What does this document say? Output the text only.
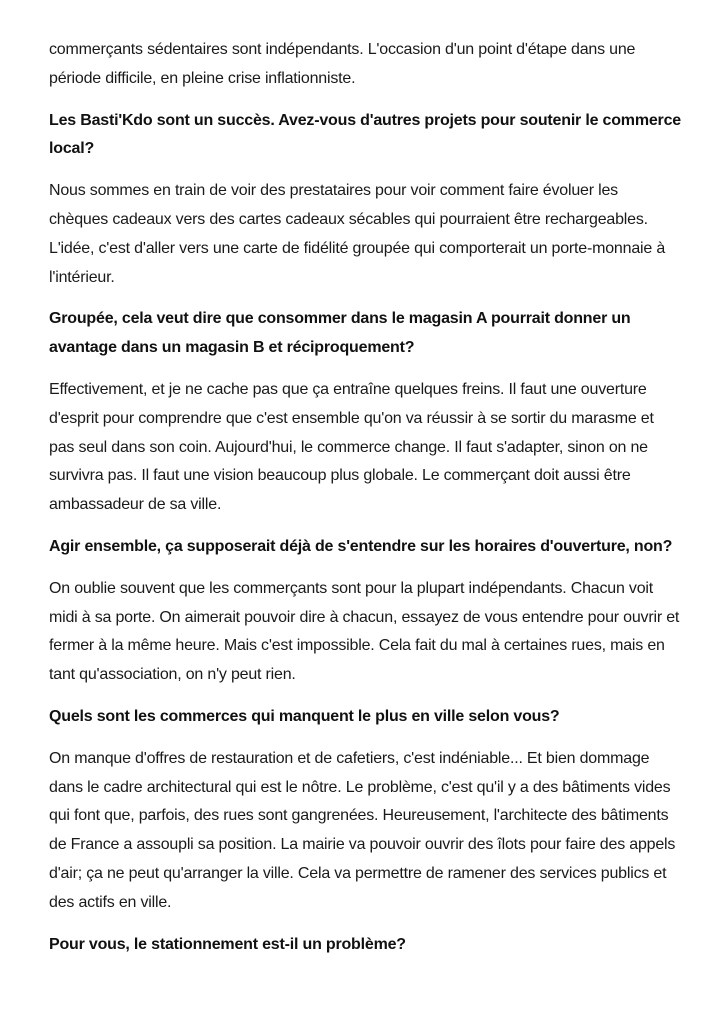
commerçants sédentaires sont indépendants. L'occasion d'un point d'étape dans une période difficile, en pleine crise inflationniste.

Les Basti'Kdo sont un succès. Avez-vous d'autres projets pour soutenir le commerce local?

Nous sommes en train de voir des prestataires pour voir comment faire évoluer les chèques cadeaux vers des cartes cadeaux sécables qui pourraient être rechargeables. L'idée, c'est d'aller vers une carte de fidélité groupée qui comporterait un porte-monnaie à l'intérieur.

Groupée, cela veut dire que consommer dans le magasin A pourrait donner un avantage dans un magasin B et réciproquement?

Effectivement, et je ne cache pas que ça entraîne quelques freins. Il faut une ouverture d'esprit pour comprendre que c'est ensemble qu'on va réussir à se sortir du marasme et pas seul dans son coin. Aujourd'hui, le commerce change. Il faut s'adapter, sinon on ne survivra pas. Il faut une vision beaucoup plus globale. Le commerçant doit aussi être ambassadeur de sa ville.

Agir ensemble, ça supposerait déjà de s'entendre sur les horaires d'ouverture, non?

On oublie souvent que les commerçants sont pour la plupart indépendants. Chacun voit midi à sa porte. On aimerait pouvoir dire à chacun, essayez de vous entendre pour ouvrir et fermer à la même heure. Mais c'est impossible. Cela fait du mal à certaines rues, mais en tant qu'association, on n'y peut rien.

Quels sont les commerces qui manquent le plus en ville selon vous?

On manque d'offres de restauration et de cafetiers, c'est indéniable... Et bien dommage dans le cadre architectural qui est le nôtre. Le problème, c'est qu'il y a des bâtiments vides qui font que, parfois, des rues sont gangrenées. Heureusement, l'architecte des bâtiments de France a assoupli sa position. La mairie va pouvoir ouvrir des îlots pour faire des appels d'air; ça ne peut qu'arranger la ville. Cela va permettre de ramener des services publics et des actifs en ville.

Pour vous, le stationnement est-il un problème?
